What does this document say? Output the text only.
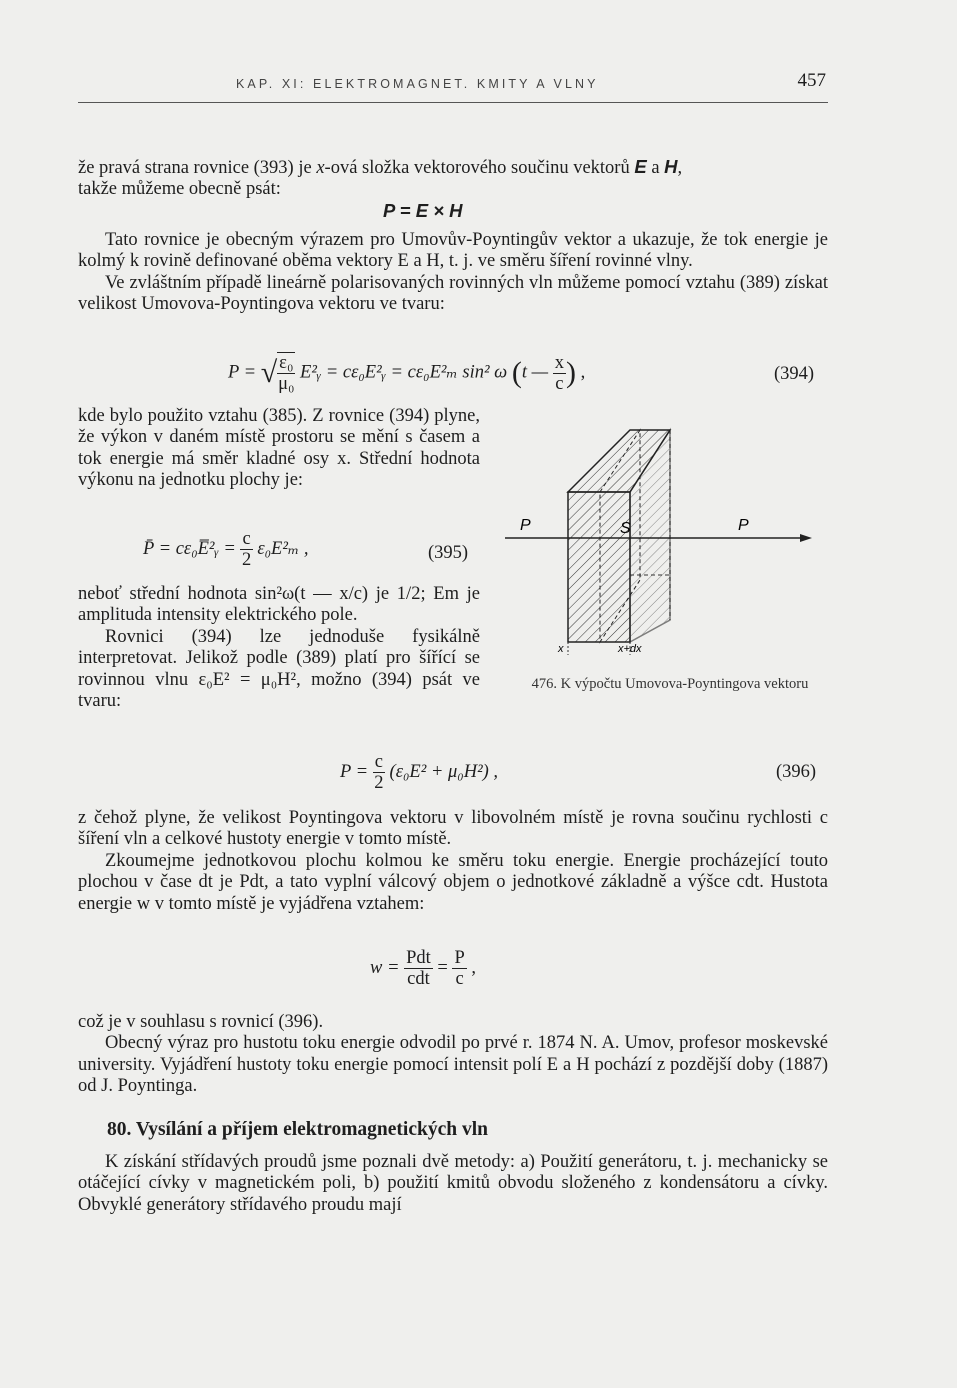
KAP. XI: ELEKTROMAGNET. KMITY A VLNY	457

že pravá strana rovnice (393) je x-ová složka vektorového součinu vektorů E a H,
takže můžeme obecně psát:

P = E × H

Tato rovnice je obecným výrazem pro Umovův-Poyntingův vektor a ukazuje, že tok energie je kolmý k rovině definované oběma vektory E a H, t. j. ve směru šíření rovinné vlny.

Ve zvláštním případě lineárně polarisovaných rovinných vln můžeme pomocí vztahu (389) získat velikost Umovova-Poyntingova vektoru ve tvaru:

P = √ $\frac{\text{ε₀}}{\text{μ₀}}$ E²ᵧ = cε₀E²ᵧ = cε₀E²ₘ sin² ω (t — $\frac{x}{c}$ ) ,	(394)

kde bylo použito vztahu (385). Z rovnice (394) plyne, že výkon v daném místě prostoru se mění s časem a tok energie má směr kladné osy x. Střední hodnota výkonu na jednotku plochy je:

P̄ = cε₀E̅²ᵧ = $\frac{c}{2} \varepsilon_0E^2_m$ ,	(395)

neboť střední hodnota sin²ω(t — x/c) je 1/2; Em je amplituda intensity elektrického pole.

Rovnici (394) lze jednoduše fysikálně interpretovat. Jelikož podle (389) platí pro šířící se rovinnou vlnu ε₀E² = μ₀H², možno (394) psát ve tvaru:

P	S	P
x	x+dx
476. K výpočtu Umovova-Poyntingova vektoru
$P = \frac{c}{2} (\varepsilon_0E^2 + \mu_0H^2)$ ,	(396)

z čehož plyne, že velikost Poyntingova vektoru v libovolném místě je rovna součinu rychlosti c šíření vln a celkové hustoty energie v tomto místě.

Zkoumejme jednotkovou plochu kolmou ke směru toku energie. Energie procházející touto plochou v čase dt je Pdt, a tato vyplní válcový objem o jednotkové základně a výšce cdt. Hustota energie w v tomto místě je vyjádřena vztahem:

$w = \frac{\text{Pdt}}{\text{cdt}} = \frac{P}{c}$ ,

což je v souhlasu s rovnicí (396).

Obecný výraz pro hustotu toku energie odvodil po prvé r. 1874 N. A. Umov, profesor moskevské university. Vyjádření hustoty toku energie pomocí intensit polí E a H pochází z pozdější doby (1887) od J. Poyntinga.

80. Vysílání a příjem elektromagnetických vln

K získání střídavých proudů jsme poznali dvě metody: a) Použití generátoru, t. j. mechanicky se otáčející cívky v magnetickém poli, b) použití kmitů obvodu složeného z kondensátoru a cívky. Obvyklé generátory střídavého proudu mají
